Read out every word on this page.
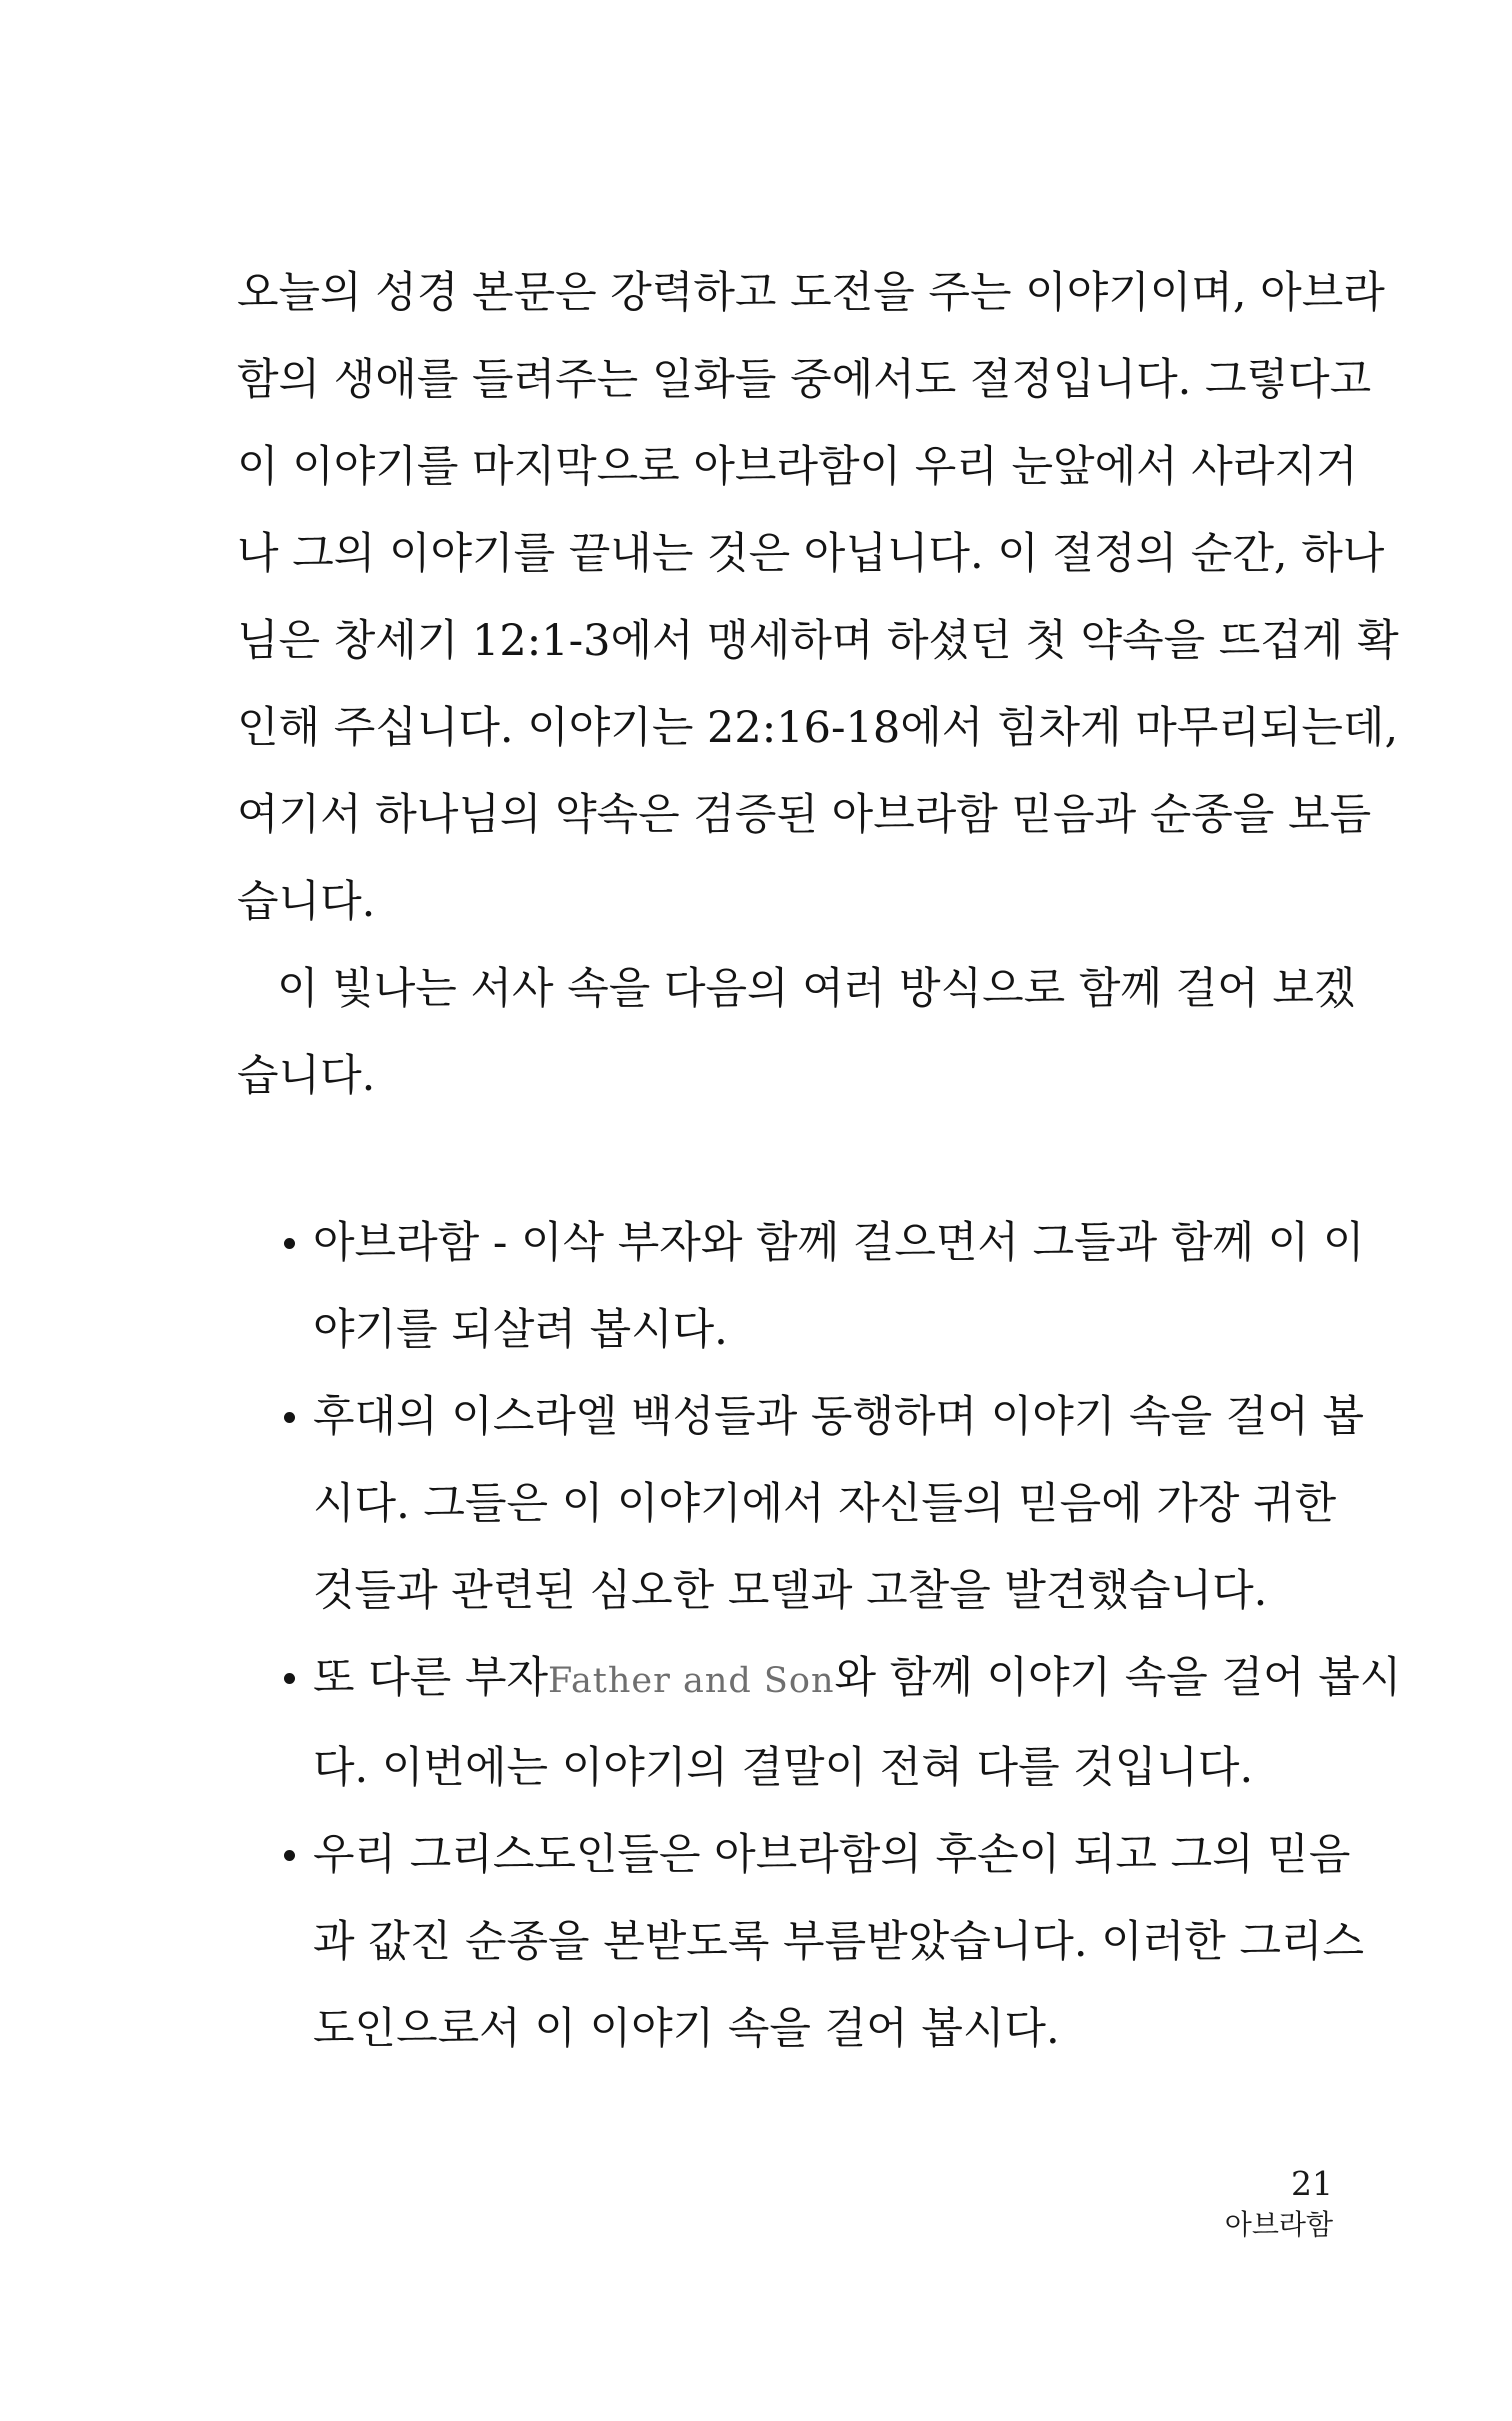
오늘의 성경 본문은 강력하고 도전을 주는 이야기이며, 아브라
함의 생애를 들려주는 일화들 중에서도 절정입니다. 그렇다고
이 이야기를 마지막으로 아브라함이 우리 눈앞에서 사라지거
나 그의 이야기를 끝내는 것은 아닙니다. 이 절정의 순간, 하나
님은 창세기 12:1-3에서 맹세하며 하셨던 첫 약속을 뜨겁게 확
인해 주십니다. 이야기는 22:16-18에서 힘차게 마무리되는데,
여기서 하나님의 약속은 검증된 아브라함 믿음과 순종을 보듬
습니다.
이 빛나는 서사 속을 다음의 여러 방식으로 함께 걸어 보겠
습니다.
아브라함 - 이삭 부자와 함께 걸으면서 그들과 함께 이 이
야기를 되살려 봅시다.
후대의 이스라엘 백성들과 동행하며 이야기 속을 걸어 봅
시다. 그들은 이 이야기에서 자신들의 믿음에 가장 귀한
것들과 관련된 심오한 모델과 고찰을 발견했습니다.
또 다른 부자Father and Son와 함께 이야기 속을 걸어 봅시
다. 이번에는 이야기의 결말이 전혀 다를 것입니다.
우리 그리스도인들은 아브라함의 후손이 되고 그의 믿음
과 값진 순종을 본받도록 부름받았습니다. 이러한 그리스
도인으로서 이 이야기 속을 걸어 봅시다.
21
아브라함
